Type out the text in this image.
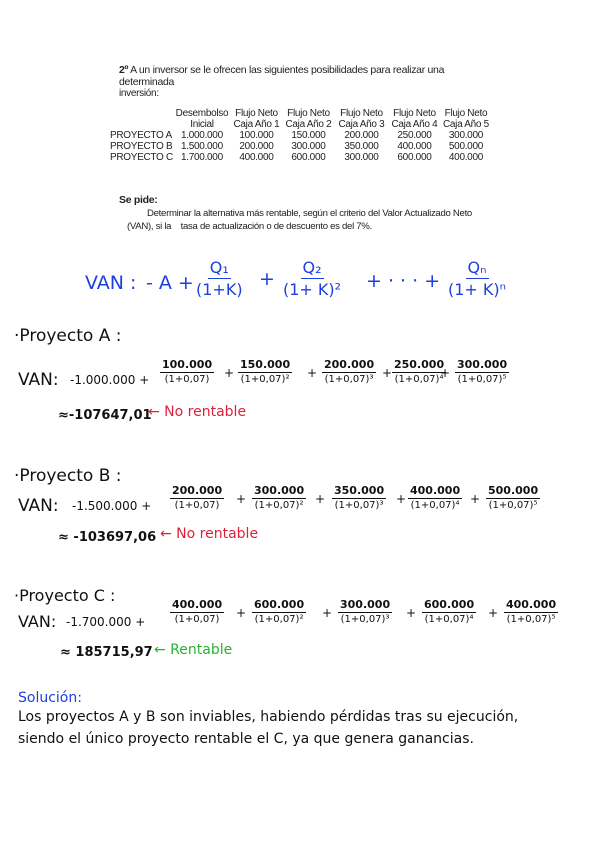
2º A un inversor se le ofrecen las siguientes posibilidades para realizar una determinada
inversión:
	Desembolso	Flujo Neto	Flujo Neto	Flujo Neto	Flujo Neto	Flujo Neto
	Inicial	Caja Año 1	Caja Año 2	Caja Año 3	Caja Año 4	Caja Año 5
PROYECTO A	1.000.000	100.000	150.000	200.000	250.000	300.000
PROYECTO B	1.500.000	200.000	300.000	350.000	400.000	500.000
PROYECTO C	1.700.000	400.000	600.000	300.000	600.000	400.000
Se pide:
Determinar la alternativa más rentable, según el criterio del Valor Actualizado Neto
(VAN), si la    tasa de actualización o de descuento es del 7%.
VAN : - $A + \frac{\text{Q₁}}{(1+K)} + \frac{\text{Q₂}}{\text{(1+ K)²}}$ + · · · + $\frac{\text{Qₙ}}{\text{(1+ K)ⁿ}}$
·Proyecto A :
VAN: $-1.000.000 + \frac{100.000}{(1+0,07)} + \frac{150.000}{\text{(1+0,07)²}} + \frac{200.000}{\text{(1+0,07)³}} + \frac{250.000}{\text{(1+0,07)⁴}}$
+ $\frac{300.000}{\text{(1+0,07)⁵}}$
≈-107647,01
← No rentable
·Proyecto B :
VAN: $-1.500.000 + \frac{200.000}{(1+0,07)} + \frac{300.000}{\text{(1+0,07)²}} + \frac{350.000}{\text{(1+0,07)³}} + \frac{400.000}{\text{(1+0,07)⁴}} + \frac{500.000}{\text{(1+0,07)⁵}}$
≈ -103697,06 ← No rentable
·Proyecto C :
VAN: $-1.700.000 + \frac{400.000}{(1+0,07)} + \frac{600.000}{\text{(1+0,07)²}} + \frac{300.000}{\text{(1+0,07)³}} + \frac{600.000}{\text{(1+0,07)⁴}} + \frac{400.000}{\text{(1+0,07)⁵}}$
≈ 185715,97 ← Rentable
Solución:
Los proyectos A y B son inviables, habiendo pérdidas tras su ejecución,
siendo el único proyecto rentable el C, ya que genera ganancias.
